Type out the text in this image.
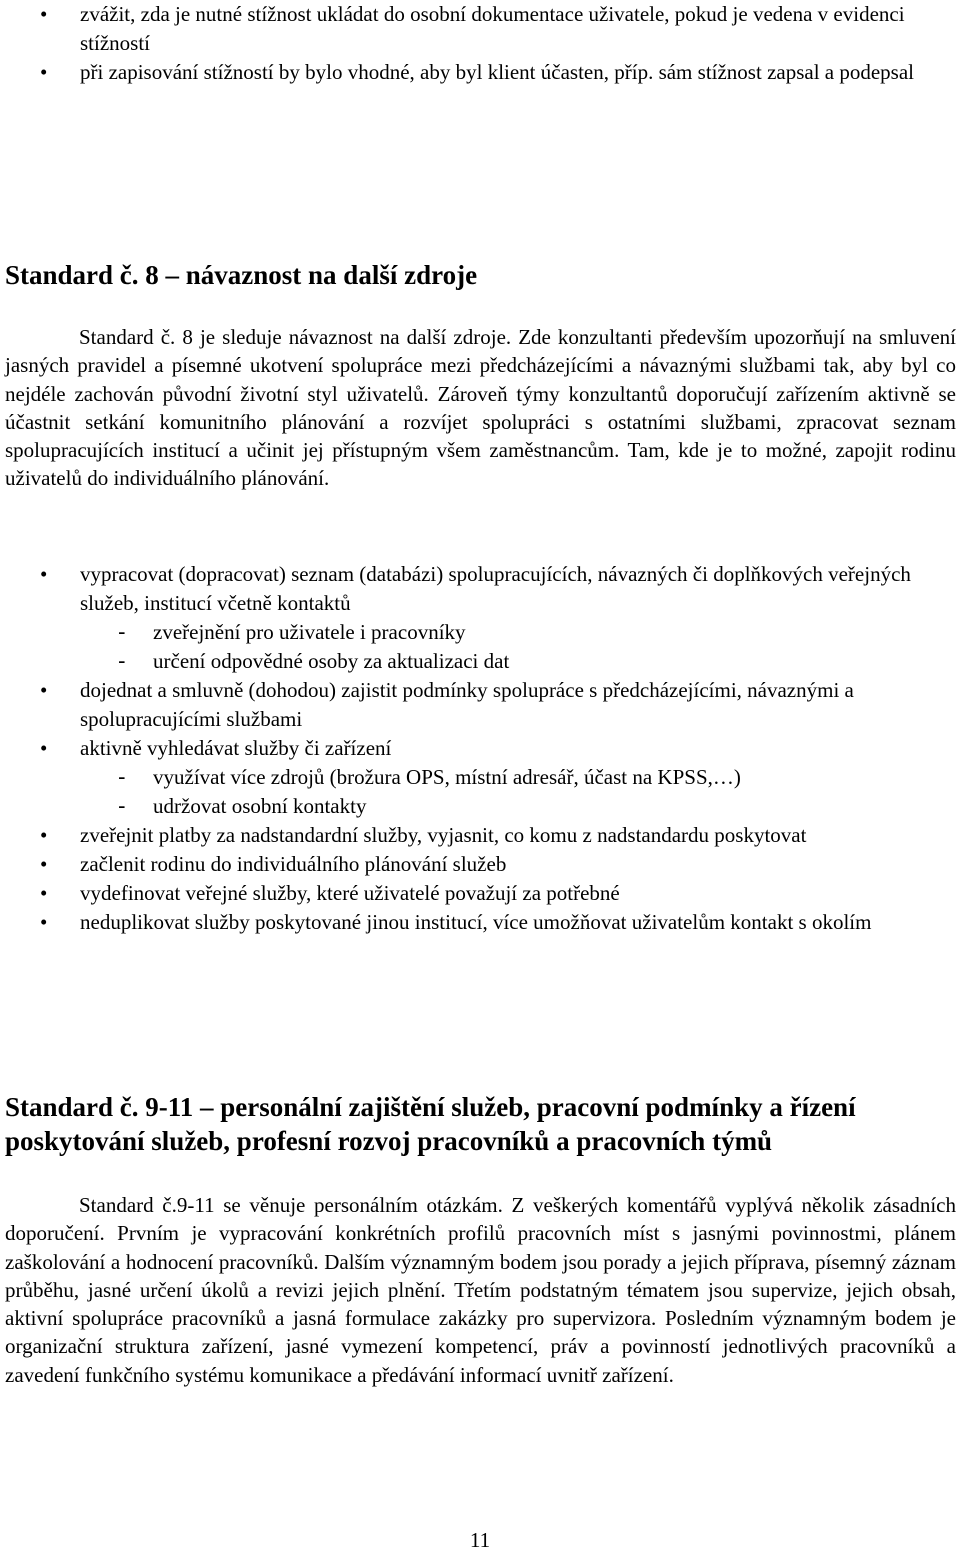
• zvážit, zda je nutné stížnost ukládat do osobní dokumentace uživatele, pokud je vedena v evidenci stížností
• při zapisování stížností by bylo vhodné, aby byl klient účasten, příp. sám stížnost zapsal a podepsal
Standard č. 8 – návaznost na další zdroje

Standard č. 8 je sleduje návaznost na další zdroje. Zde konzultanti především upozorňují na smluvení jasných pravidel a písemné ukotvení spolupráce mezi předcházejícími a návaznými službami tak, aby byl co nejdéle zachován původní životní styl uživatelů. Zároveň týmy konzultantů doporučují zařízením aktivně se účastnit setkání komunitního plánování a rozvíjet spolupráci s ostatními službami, zpracovat seznam spolupracujících institucí a učinit jej přístupným všem zaměstnancům. Tam, kde je to možné, zapojit rodinu uživatelů do individuálního plánování.

• vypracovat (dopracovat) seznam (databázi) spolupracujících, návazných či doplňkových veřejných služeb, institucí včetně kontaktů
- zveřejnění pro uživatele i pracovníky
- určení odpovědné osoby za aktualizaci dat
• dojednat a smluvně (dohodou) zajistit podmínky spolupráce s předcházejícími, návaznými a spolupracujícími službami
• aktivně vyhledávat služby či zařízení
- využívat více zdrojů (brožura OPS, místní adresář, účast na KPSS,…)
- udržovat osobní kontakty
• zveřejnit platby za nadstandardní služby, vyjasnit, co komu z nadstandardu poskytovat
• začlenit rodinu do individuálního plánování služeb
• vydefinovat veřejné služby, které uživatelé považují za potřebné
• neduplikovat služby poskytované jinou institucí, více umožňovat uživatelům kontakt s okolím
Standard č. 9-11 – personální zajištění služeb, pracovní podmínky a řízení poskytování služeb, profesní rozvoj pracovníků a pracovních týmů

Standard č.9-11 se věnuje personálním otázkám. Z veškerých komentářů vyplývá několik zásadních doporučení. Prvním je vypracování konkrétních profilů pracovních míst s jasnými povinnostmi, plánem zaškolování a hodnocení pracovníků. Dalším významným bodem jsou porady a jejich příprava, písemný záznam průběhu, jasné určení úkolů a revizi jejich plnění. Třetím podstatným tématem jsou supervize, jejich obsah, aktivní spolupráce pracovníků a jasná formulace zakázky pro supervizora. Posledním významným bodem je organizační struktura zařízení, jasné vymezení kompetencí, práv a povinností jednotlivých pracovníků a zavedení funkčního systému komunikace a předávání informací uvnitř zařízení.

11
